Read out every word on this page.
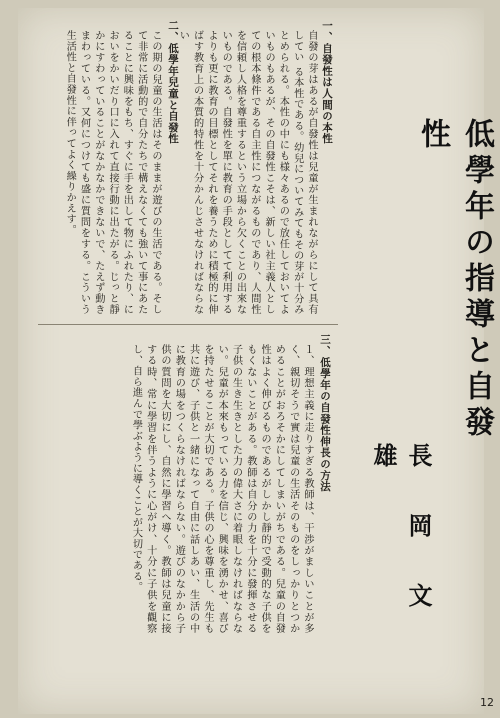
低學年の指導と自發性
長岡文雄
一、自發性は人間の本性
自發の芽はあるが自發性は兒童が生まれながらにして具有してい る本性である。幼兒についてみてもその芽が十分みとめられる。本性の中にも様々あるので放任しておいてよいものもあるが、その自發性こそは、新しい社主義人としての根本條件である自主性につながるものであり、人間性を信頼し人格を尊重するという立場から欠くことの出來ないものである。自發性を單に教育の手段としてて利用するよりも更に教育の目標としてそれを養うために積極的に伸ばす教育上の本質的特性を十分かんじさせなければならない
二、低學年兒童と自發性
この期の兒童の生活はそのままが遊びの生活である。そして非常に活動的で自分たちで構えなくても強いて事にあたることに興味をもち、すぐに手を出して物にふれたり、においをかいだり口に入れて直接行動に出たがる。じっと靜かにすわっていることがなかなかできないで、たえず動きまわっている。又何につけても盛に質問をする。こういう生活性と自發性に伴ってよく繰りかえす。
三、低學年の自發性伸長の方法
１、理想主義に走りすぎる教師は、干渉がましいことが多く、親切そうで實は兒童の生活そのものをしっかりとつかめることがおろそかにしてしまいがちである。兒童の自發性はよく伸びるものであるがしかし靜的で受動的な子供をもくないことがある。教師は自分の力を十分に發揮させる子供の生き生きとした力の偉大さに着眼しなければならない。兒童が本來もっている力を信じ、興味を湧かせ、喜びを持たせることが大切である。子供の心を尊重し、先生も共に遊び、子供と一緒になって自由に話しあい、生活の中に教育の場をつくらなければならない。遊びのなかから子供の質問を大切にし、自然に學習へ導く。教師は兒童に接する時、常に學習を伴うように心がけ、十分に子供を觀察し、自ら進んで學ぶように導くことが大切である。
12
